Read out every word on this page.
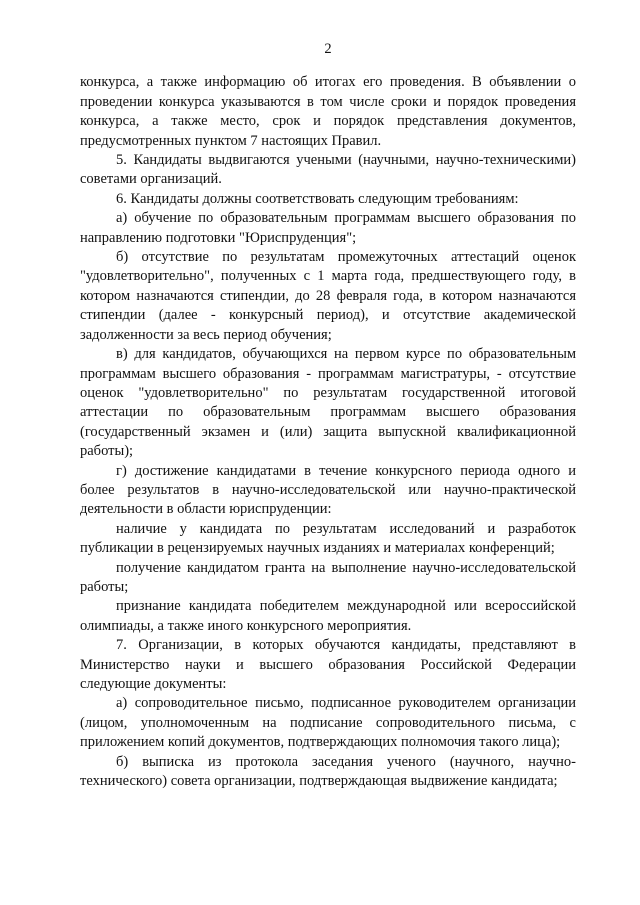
2

конкурса, а также информацию об итогах его проведения. В объявлении о проведении конкурса указываются в том числе сроки и порядок проведения конкурса, а также место, срок и порядок представления документов, предусмотренных пунктом 7 настоящих Правил.

5. Кандидаты выдвигаются учеными (научными, научно-техническими) советами организаций.

6. Кандидаты должны соответствовать следующим требованиям:

а) обучение по образовательным программам высшего образования по направлению подготовки "Юриспруденция";

б) отсутствие по результатам промежуточных аттестаций оценок "удовлетворительно", полученных с 1 марта года, предшествующего году, в котором назначаются стипендии, до 28 февраля года, в котором назначаются стипендии (далее - конкурсный период), и отсутствие академической задолженности за весь период обучения;

в) для кандидатов, обучающихся на первом курсе по образовательным программам высшего образования - программам магистратуры, - отсутствие оценок "удовлетворительно" по результатам государственной итоговой аттестации по образовательным программам высшего образования (государственный экзамен и (или) защита выпускной квалификационной работы);

г) достижение кандидатами в течение конкурсного периода одного и более результатов в научно-исследовательской или научно-практической деятельности в области юриспруденции:

наличие у кандидата по результатам исследований и разработок публикации в рецензируемых научных изданиях и материалах конференций;

получение кандидатом гранта на выполнение научно-исследовательской работы;

признание кандидата победителем международной или всероссийской олимпиады, а также иного конкурсного мероприятия.

7. Организации, в которых обучаются кандидаты, представляют в Министерство науки и высшего образования Российской Федерации следующие документы:

а) сопроводительное письмо, подписанное руководителем организации (лицом, уполномоченным на подписание сопроводительного письма, с приложением копий документов, подтверждающих полномочия такого лица);

б) выписка из протокола заседания ученого (научного, научно-технического) совета организации, подтверждающая выдвижение кандидата;
